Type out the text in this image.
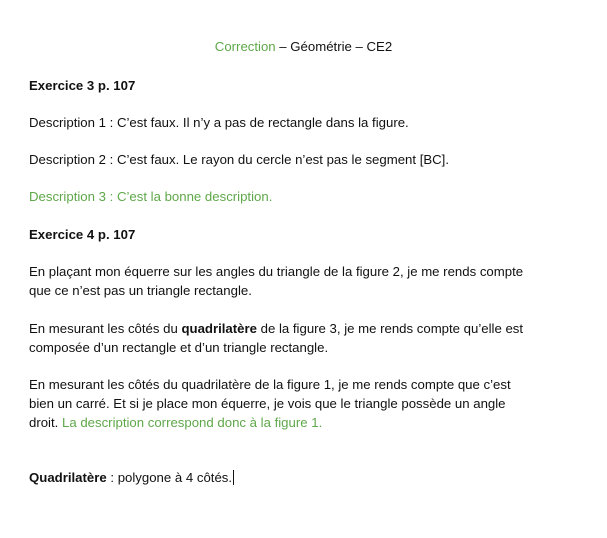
Correction – Géométrie – CE2
Exercice 3 p. 107
Description 1 : C’est faux. Il n’y a pas de rectangle dans la figure.
Description 2 : C’est faux. Le rayon du cercle n’est pas le segment [BC].
Description 3 : C’est la bonne description.
Exercice 4 p. 107
En plaçant mon équerre sur les angles du triangle de la figure 2, je me rends compte
que ce n’est pas un triangle rectangle.
En mesurant les côtés du quadrilatère de la figure 3, je me rends compte qu’elle est
composée d’un rectangle et d’un triangle rectangle.
En mesurant les côtés du quadrilatère de la figure 1, je me rends compte que c’est
bien un carré. Et si je place mon équerre, je vois que le triangle possède un angle
droit. La description correspond donc à la figure 1.
Quadrilatère : polygone à 4 côtés.
